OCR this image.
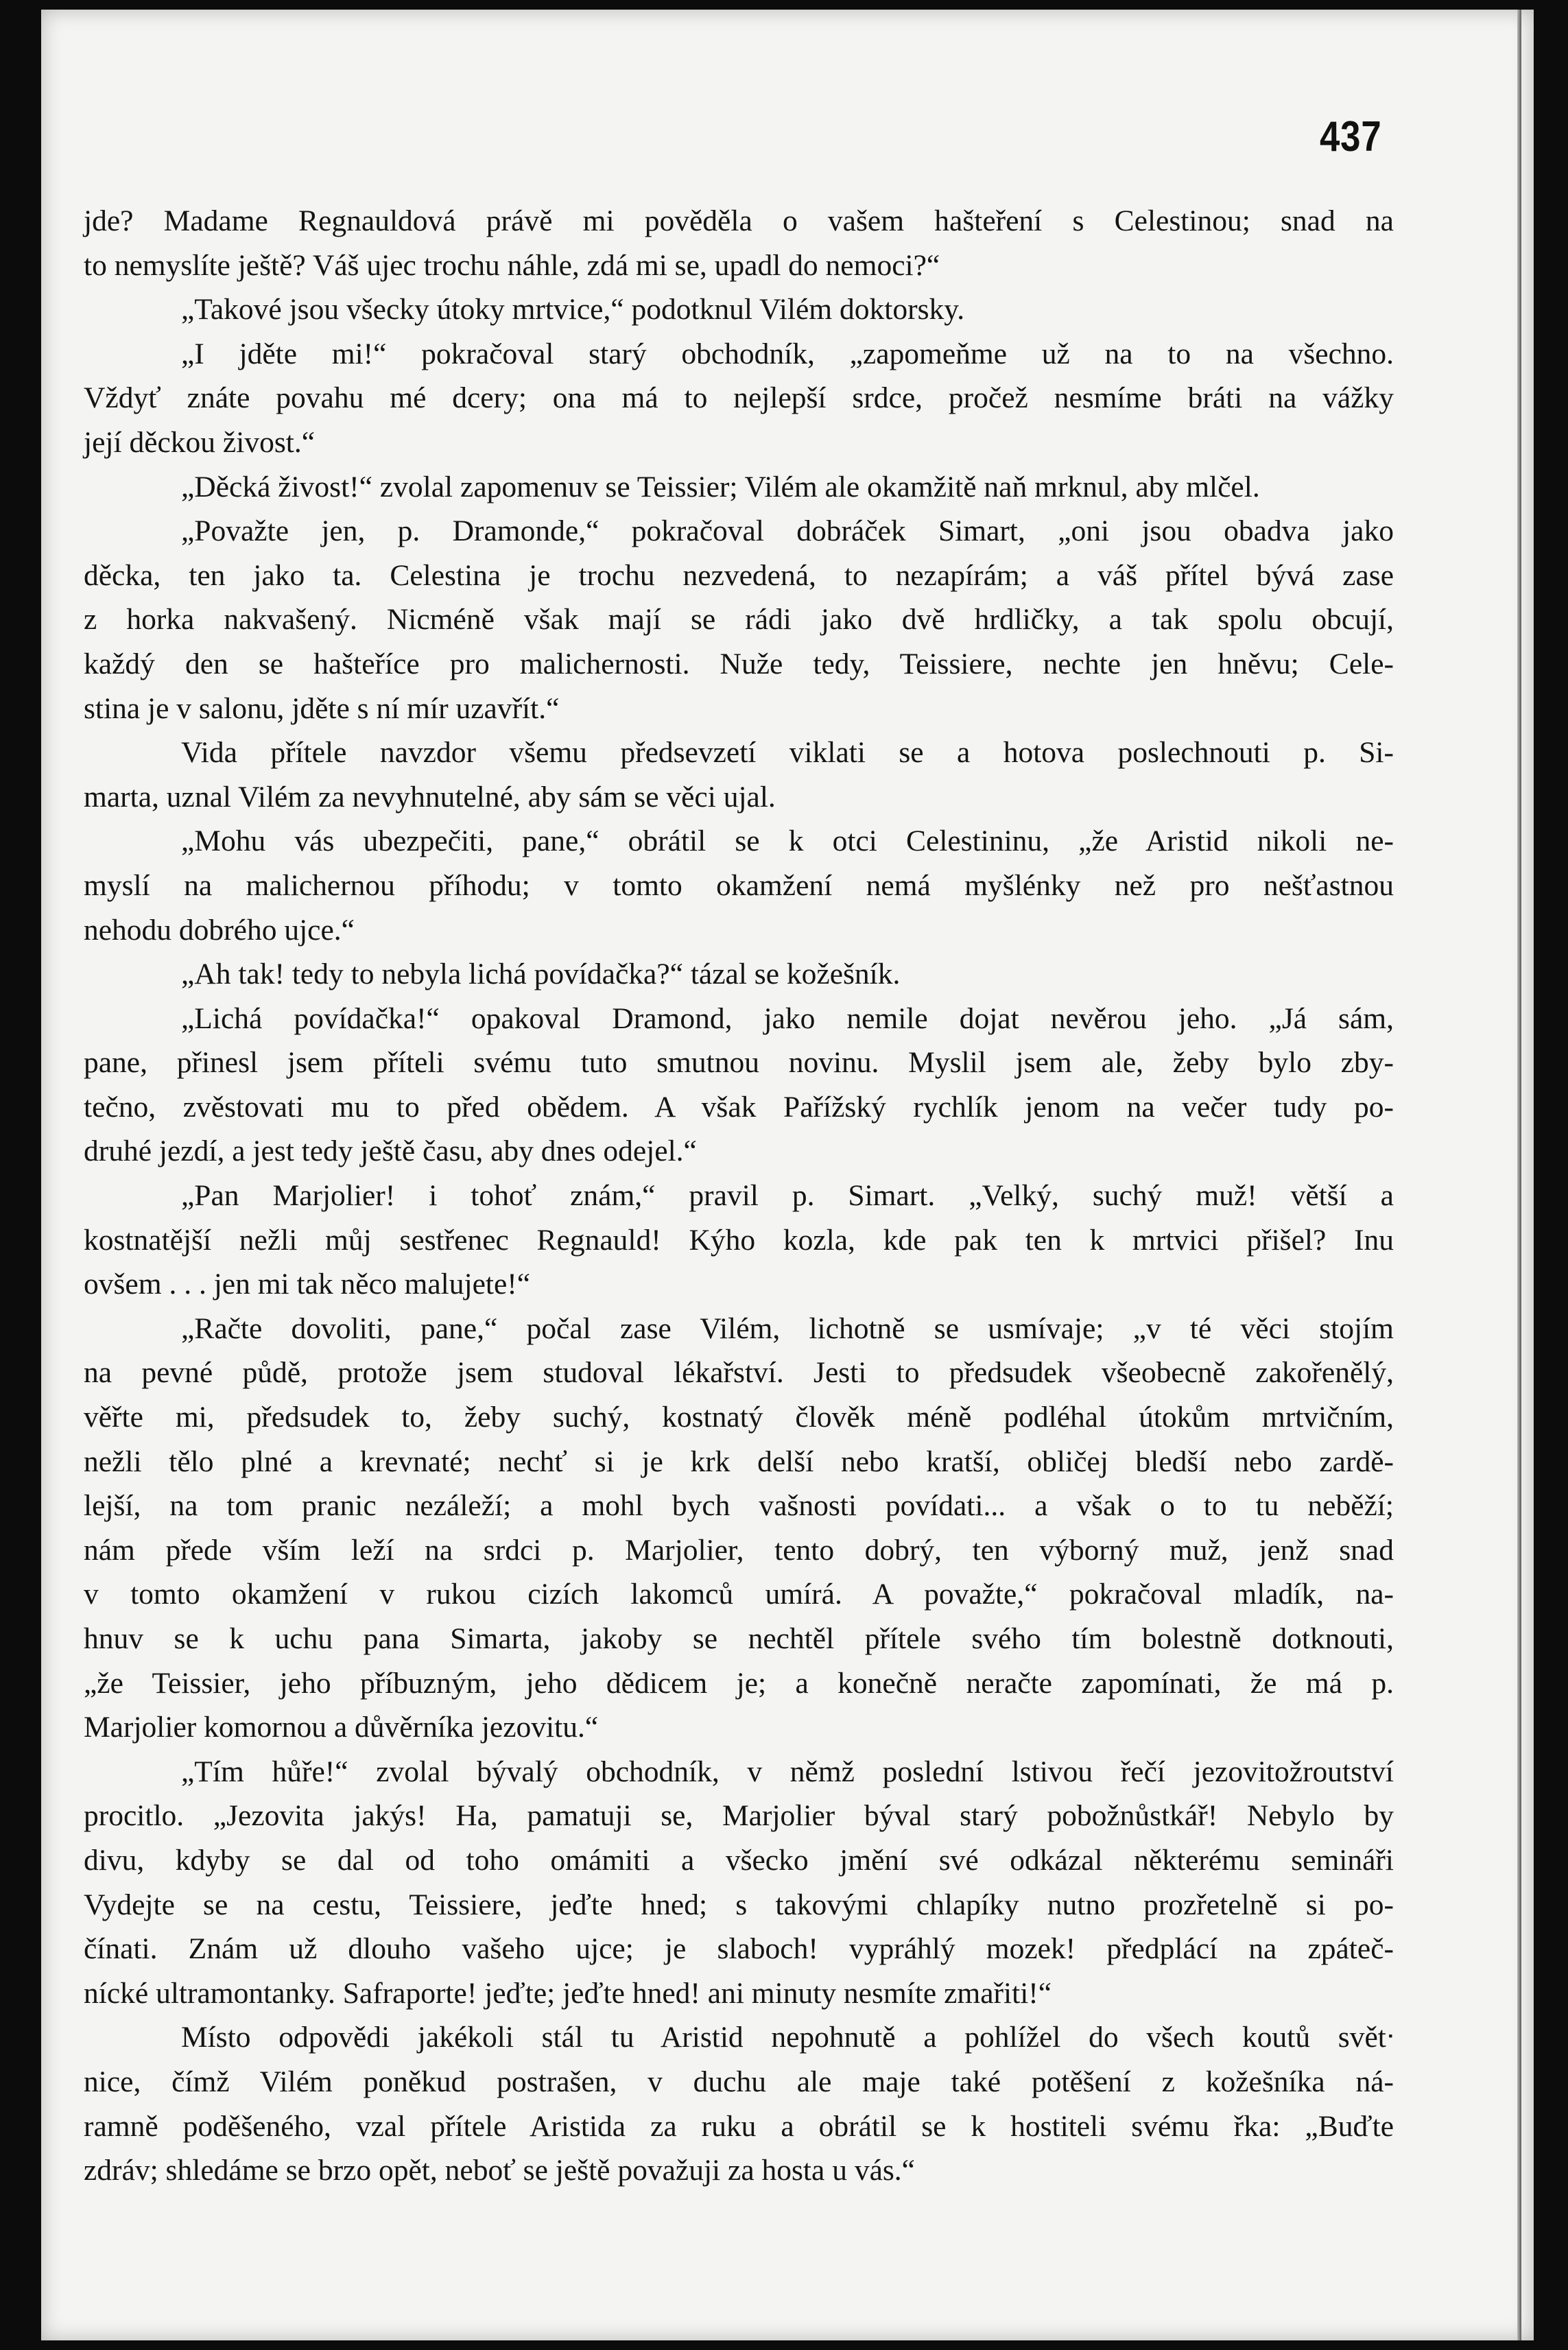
437
jde? Madame Regnauldová právě mi pověděla o vašem hašteření s Celestinou; snad na
to nemyslíte ještě? Váš ujec trochu náhle, zdá mi se, upadl do nemoci?“
„Takové jsou všecky útoky mrtvice,“ podotknul Vilém doktorsky.
„I jděte mi!“ pokračoval starý obchodník, „zapomeňme už na to na všechno.
Vždyť znáte povahu mé dcery; ona má to nejlepší srdce, pročež nesmíme bráti na vážky
její děckou živost.“
„Děcká živost!“ zvolal zapomenuv se Teissier; Vilém ale okamžitě naň mrknul, aby mlčel.
„Považte jen, p. Dramonde,“ pokračoval dobráček Simart, „oni jsou obadva jako
děcka, ten jako ta. Celestina je trochu nezvedená, to nezapírám; a váš přítel bývá zase
z horka nakvašený. Nicméně však mají se rádi jako dvě hrdličky, a tak spolu obcují,
každý den se hašteříce pro malichernosti. Nuže tedy, Teissiere, nechte jen hněvu; Cele-
stina je v salonu, jděte s ní mír uzavřít.“
Vida přítele navzdor všemu předsevzetí viklati se a hotova poslechnouti p. Si-
marta, uznal Vilém za nevyhnutelné, aby sám se věci ujal.
„Mohu vás ubezpečiti, pane,“ obrátil se k otci Celestininu, „že Aristid nikoli ne-
myslí na malichernou příhodu; v tomto okamžení nemá myšlénky než pro nešťastnou
nehodu dobrého ujce.“
„Ah tak! tedy to nebyla lichá povídačka?“ tázal se kožešník.
„Lichá povídačka!“ opakoval Dramond, jako nemile dojat nevěrou jeho. „Já sám,
pane, přinesl jsem příteli svému tuto smutnou novinu. Myslil jsem ale, žeby bylo zby-
tečno, zvěstovati mu to před obědem. A však Pařížský rychlík jenom na večer tudy po-
druhé jezdí, a jest tedy ještě času, aby dnes odejel.“
„Pan Marjolier! i tohoť znám,“ pravil p. Simart. „Velký, suchý muž! větší a
kostnatější nežli můj sestřenec Regnauld! Kýho kozla, kde pak ten k mrtvici přišel? Inu
ovšem . . . jen mi tak něco malujete!“
„Račte dovoliti, pane,“ počal zase Vilém, lichotně se usmívaje; „v té věci stojím
na pevné půdě, protože jsem studoval lékařství. Jesti to předsudek všeobecně zakořenělý,
věřte mi, předsudek to, žeby suchý, kostnatý člověk méně podléhal útokům mrtvičním,
nežli tělo plné a krevnaté; nechť si je krk delší nebo kratší, obličej bledší nebo zardě-
lejší, na tom pranic nezáleží; a mohl bych vašnosti povídati... a však o to tu neběží;
nám přede vším leží na srdci p. Marjolier, tento dobrý, ten výborný muž, jenž snad
v tomto okamžení v rukou cizích lakomců umírá. A považte,“ pokračoval mladík, na-
hnuv se k uchu pana Simarta, jakoby se nechtěl přítele svého tím bolestně dotknouti,
„že Teissier, jeho příbuzným, jeho dědicem je; a konečně neračte zapomínati, že má p.
Marjolier komornou a důvěrníka jezovitu.“
„Tím hůře!“ zvolal bývalý obchodník, v němž poslední lstivou řečí jezovitožroutství
procitlo. „Jezovita jakýs! Ha, pamatuji se, Marjolier býval starý pobožnůstkář! Nebylo by
divu, kdyby se dal od toho omámiti a všecko jmění své odkázal některému semináři
Vydejte se na cestu, Teissiere, jeďte hned; s takovými chlapíky nutno prozřetelně si po-
čínati. Znám už dlouho vašeho ujce; je slaboch! vypráhlý mozek! předplácí na zpáteč-
nícké ultramontanky. Safraporte! jeďte; jeďte hned! ani minuty nesmíte zmařiti!“
Místo odpovědi jakékoli stál tu Aristid nepohnutě a pohlížel do všech koutů světᐧ
nice, čímž Vilém poněkud postrašen, v duchu ale maje také potěšení z kožešníka ná-
ramně poděšeného, vzal přítele Aristida za ruku a obrátil se k hostiteli svému řka: „Buďte
zdráv; shledáme se brzo opět, neboť se ještě považuji za hosta u vás.“
